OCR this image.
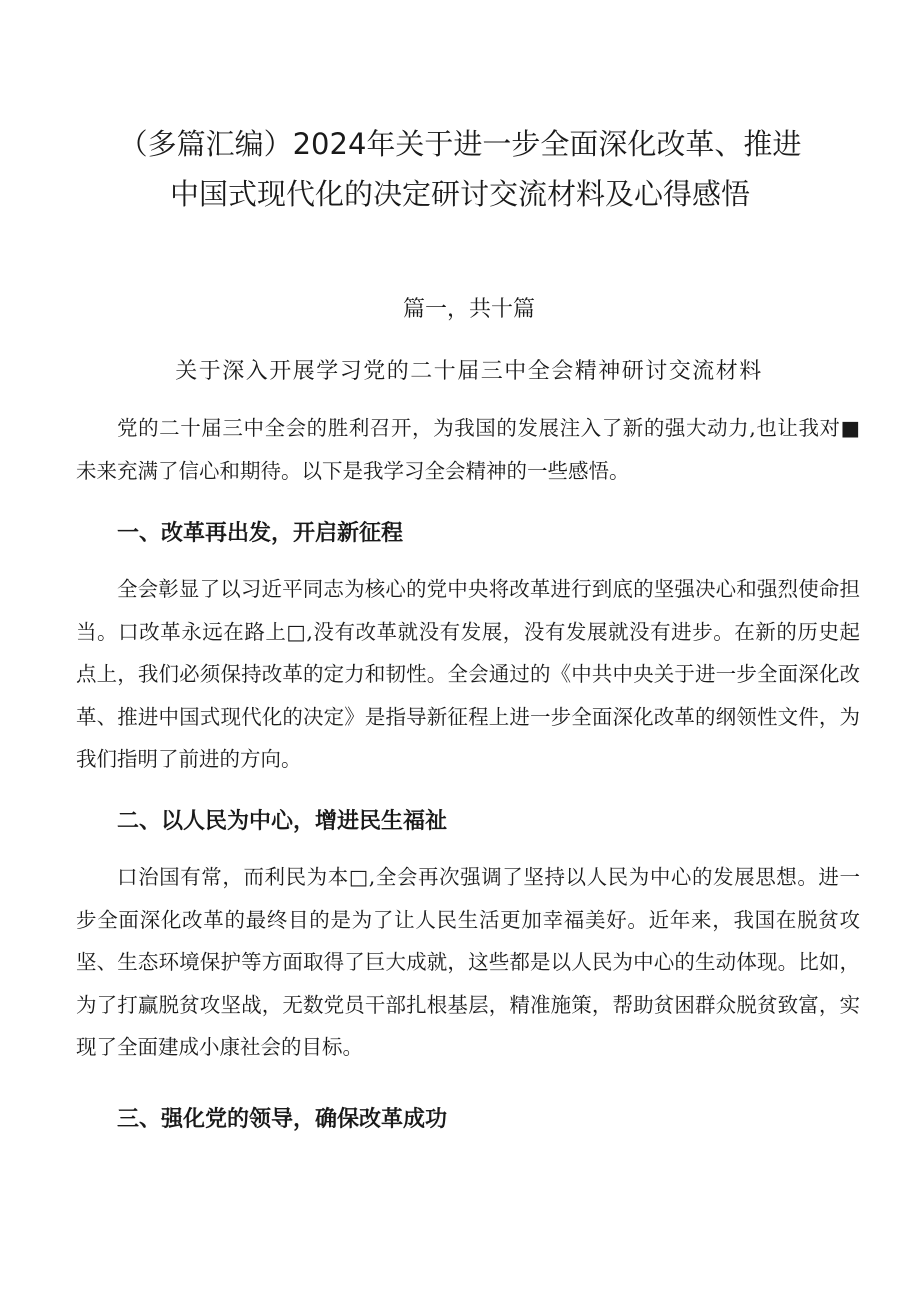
（多篇汇编）2024年关于进一步全面深化改革、推进
中国式现代化的决定研讨交流材料及心得感悟
篇一，共十篇
关于深入开展学习党的二十届三中全会精神研讨交流材料

党的二十届三中全会的胜利召开，为我国的发展注入了新的强大动力,也让我对■未来充满了信心和期待。以下是我学习全会精神的一些感悟。

一、改革再出发，开启新征程

全会彰显了以习近平同志为核心的党中央将改革进行到底的坚强决心和强烈使命担当。口改革永远在路上□,没有改革就没有发展，没有发展就没有进步。在新的历史起点上，我们必须保持改革的定力和韧性。全会通过的《中共中央关于进一步全面深化改革、推进中国式现代化的决定》是指导新征程上进一步全面深化改革的纲领性文件，为我们指明了前进的方向。

二、以人民为中心，增进民生福祉

口治国有常，而利民为本□,全会再次强调了坚持以人民为中心的发展思想。进一步全面深化改革的最终目的是为了让人民生活更加幸福美好。近年来，我国在脱贫攻坚、生态环境保护等方面取得了巨大成就，这些都是以人民为中心的生动体现。比如，为了打赢脱贫攻坚战，无数党员干部扎根基层，精准施策，帮助贫困群众脱贫致富，实现了全面建成小康社会的目标。

三、强化党的领导，确保改革成功
